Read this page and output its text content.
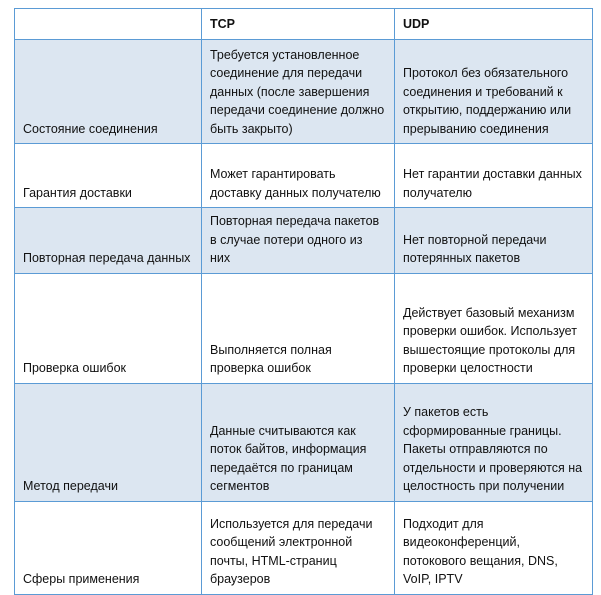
	TCP	UDP
Состояние соединения	Требуется установленное соединение для передачи данных (после завершения передачи соединение должно быть закрыто)	Протокол без обязательного соединения и требований к открытию, поддержанию или прерыванию соединения
Гарантия доставки	Может гарантировать доставку данных получателю	Нет гарантии доставки данных получателю
Повторная передача данных	Повторная передача пакетов в случае потери одного из них	Нет повторной передачи потерянных пакетов
Проверка ошибок	Выполняется полная проверка ошибок	Действует базовый механизм проверки ошибок. Использует вышестоящие протоколы для проверки целостности
Метод передачи	Данные считываются как поток байтов, информация передаётся по границам сегментов	У пакетов есть сформированные границы. Пакеты отправляются по отдельности и проверяются на целостность при получении
Сферы применения	Используется для передачи сообщений электронной почты, HTML-страниц браузеров	Подходит для видеоконференций, потокового вещания, DNS, VoIP, IPTV
